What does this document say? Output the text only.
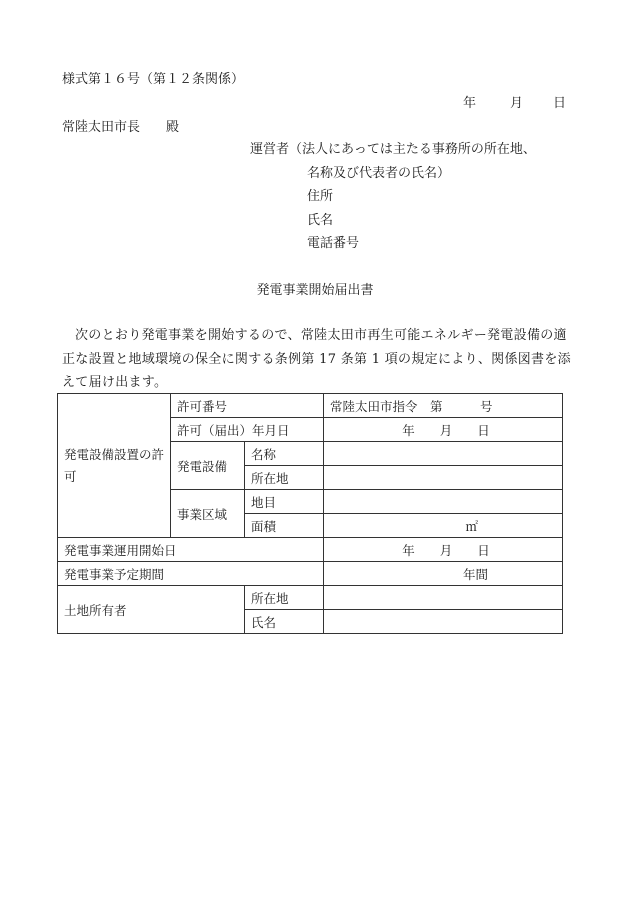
様式第１６号（第１２条関係）
年	月 日
常陸太田市長　　殿
運営者（法人にあっては主たる事務所の所在地、
名称及び代表者の氏名）
住所
氏名
電話番号
発電事業開始届出書
次のとおり発電事業を開始するので、常陸太田市再生可能エネルギー発電設備の適正な設置と地域環境の保全に関する条例第 17 条第 1 項の規定により、関係図書を添えて届け出ます。
発電設備設置の許可	許可番号		常陸太田市指令　第　　　号
	許可（届出）年月日		年　　月　　日
	発電設備	名称	
		所在地	
	事業区域	地目	
		面積	㎡
発電事業運用開始日			年　　月　　日
発電事業予定期間			年間
土地所有者		所在地	
		氏名	
